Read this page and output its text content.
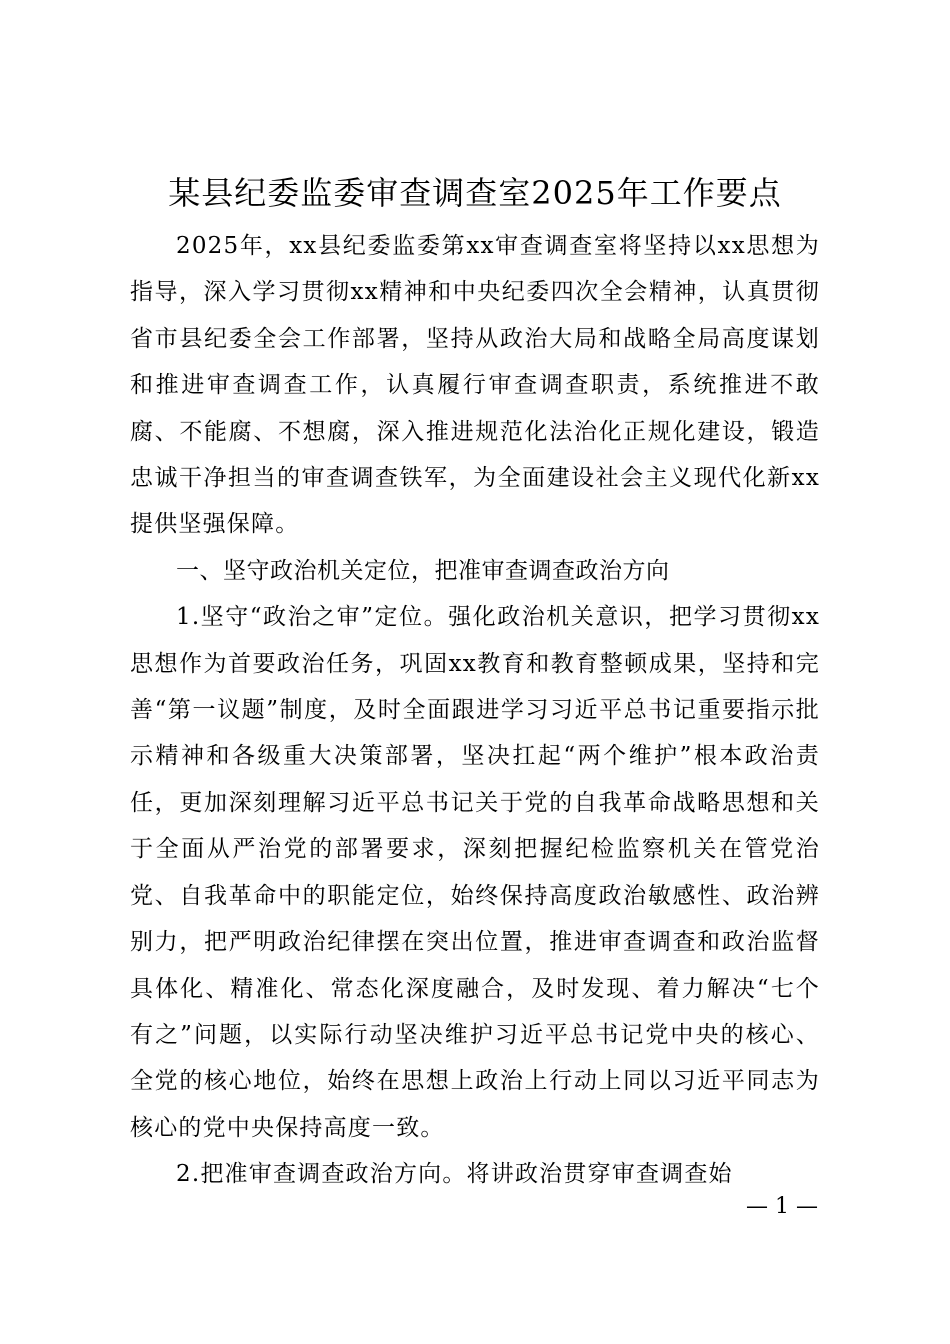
某县纪委监委审查调查室2025年工作要点

2025年，xx县纪委监委第xx审查调查室将坚持以xx思想为指导，深入学习贯彻xx精神和中央纪委四次全会精神，认真贯彻省市县纪委全会工作部署，坚持从政治大局和战略全局高度谋划和推进审查调查工作，认真履行审查调查职责，系统推进不敢腐、不能腐、不想腐，深入推进规范化法治化正规化建设，锻造忠诚干净担当的审查调查铁军，为全面建设社会主义现代化新xx提供坚强保障。

一、坚守政治机关定位，把准审查调查政治方向

1.坚守“政治之审”定位。强化政治机关意识，把学习贯彻xx思想作为首要政治任务，巩固xx教育和教育整顿成果，坚持和完善“第一议题”制度，及时全面跟进学习习近平总书记重要指示批示精神和各级重大决策部署，坚决扛起“两个维护”根本政治责任，更加深刻理解习近平总书记关于党的自我革命战略思想和关于全面从严治党的部署要求，深刻把握纪检监察机关在管党治党、自我革命中的职能定位，始终保持高度政治敏感性、政治辨别力，把严明政治纪律摆在突出位置，推进审查调查和政治监督具体化、精准化、常态化深度融合，及时发现、着力解决“七个有之”问题，以实际行动坚决维护习近平总书记党中央的核心、全党的核心地位，始终在思想上政治上行动上同以习近平同志为核心的党中央保持高度一致。

2.把准审查调查政治方向。将讲政治贯穿审查调查始

— 1 —
